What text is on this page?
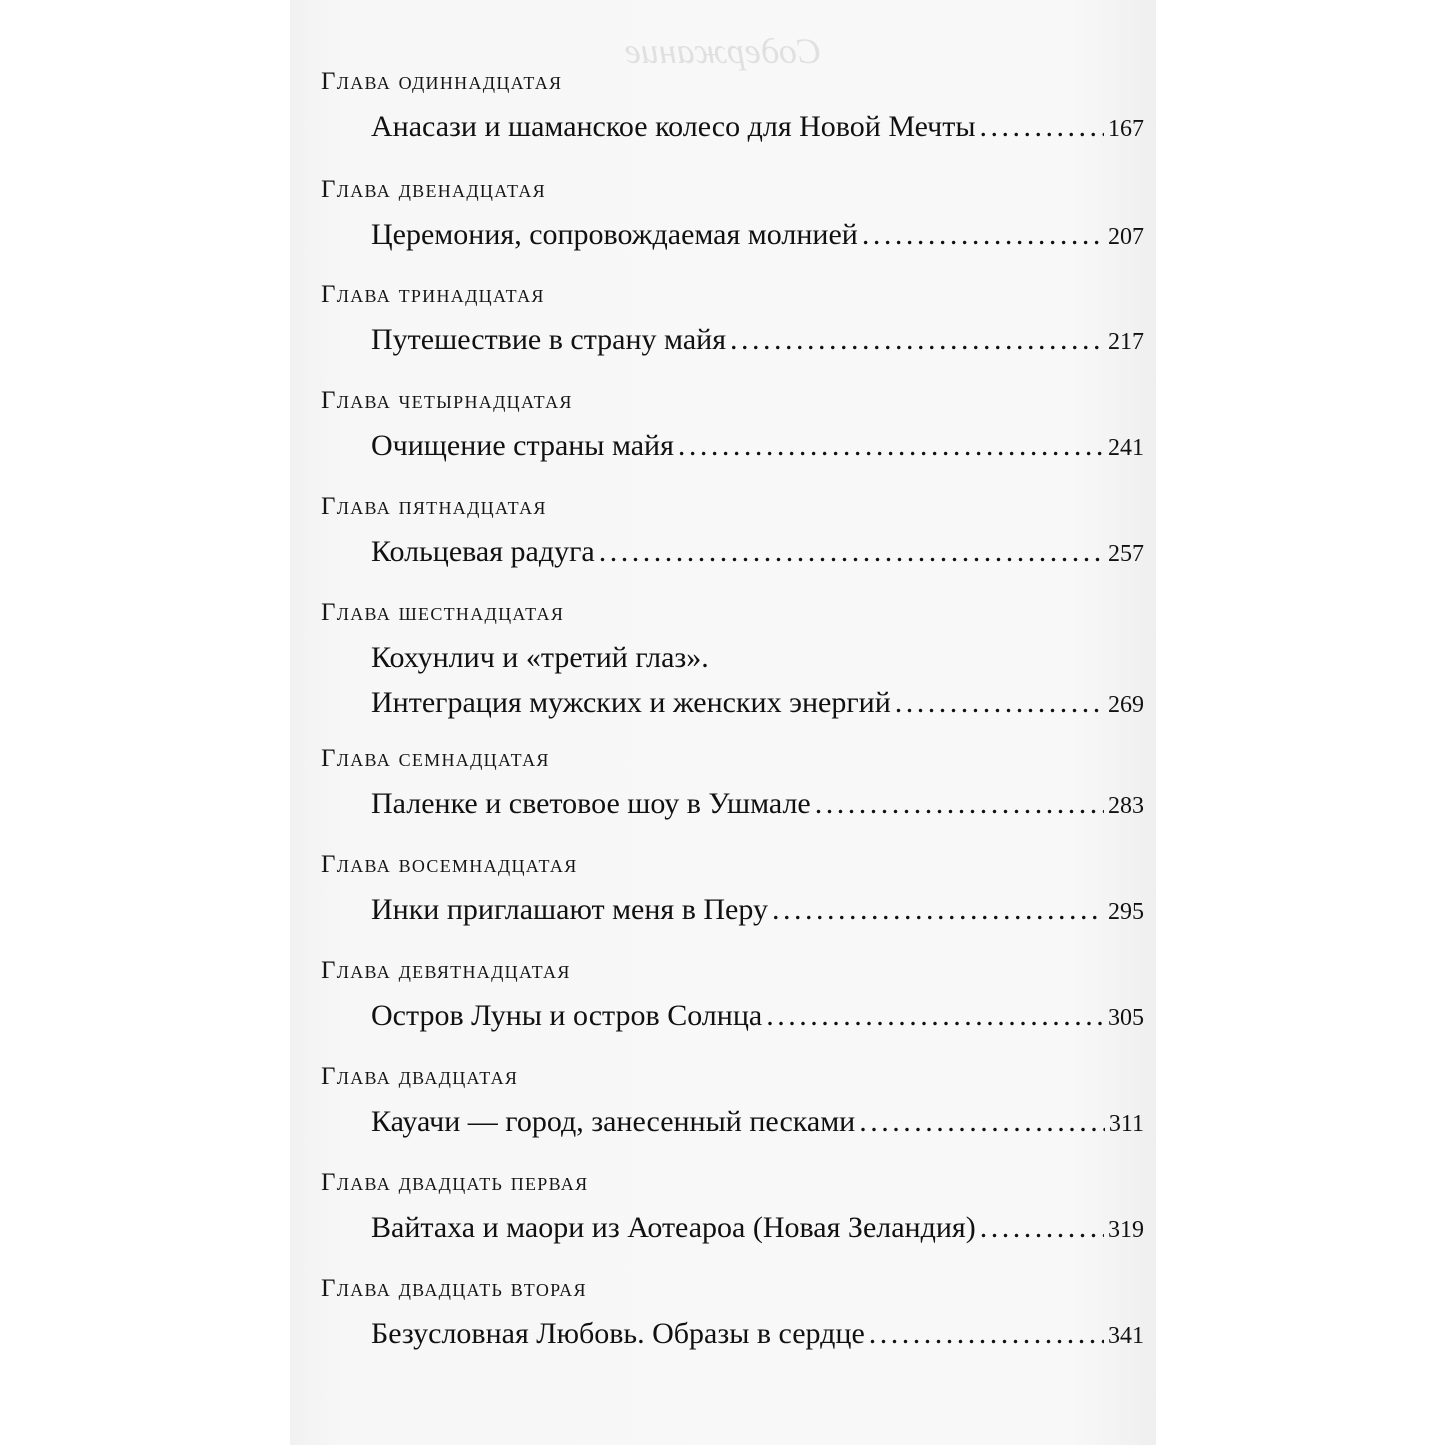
Содержание
Глава одиннадцатая
Анасази и шаманское колесо для Новой Мечты . . .	167
Глава двенадцатая
Церемония, сопровождаемая молнией . . .	207
Глава тринадцатая
Путешествие в страну майя . . .	217
Глава четырнадцатая
Очищение страны майя . . .	241
Глава пятнадцатая
Кольцевая радуга . . .	257
Глава шестнадцатая
Кохунлич и «третий глаз».
Интеграция мужских и женских энергий . . .	269
Глава семнадцатая
Паленке и световое шоу в Ушмале . . .	283
Глава восемнадцатая
Инки приглашают меня в Перу . . .	295
Глава девятнадцатая
Остров Луны и остров Солнца . . .	305
Глава двадцатая
Кауачи — город, занесенный песками . . .	311
Глава двадцать первая
Вайтаха и маори из Аотеароа (Новая Зеландия) . . .	319
Глава двадцать вторая
Безусловная Любовь. Образы в сердце . . .	341
